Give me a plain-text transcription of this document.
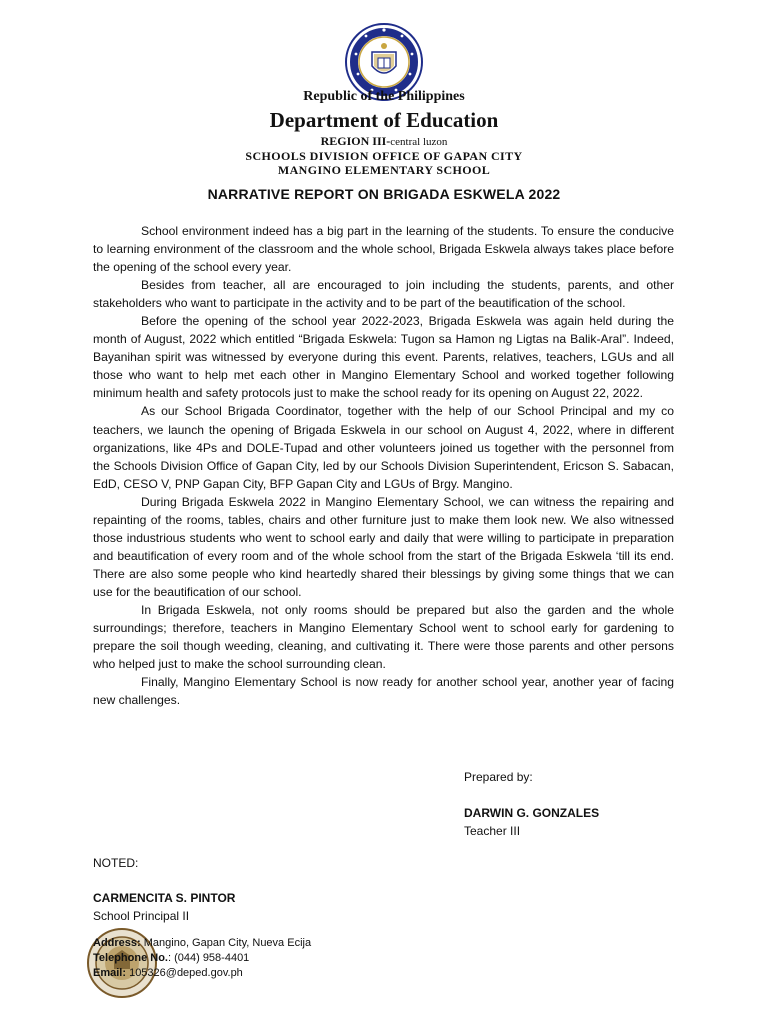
Republic of the Philippines
Department of Education
REGION III-central luzon
SCHOOLS DIVISION OFFICE OF GAPAN CITY
MANGINO ELEMENTARY SCHOOL
NARRATIVE REPORT ON BRIGADA ESKWELA 2022

School environment indeed has a big part in the learning of the students. To ensure the conducive to learning environment of the classroom and the whole school, Brigada Eskwela always takes place before the opening of the school every year.

Besides from teacher, all are encouraged to join including the students, parents, and other stakeholders who want to participate in the activity and to be part of the beautification of the school.

Before the opening of the school year 2022-2023, Brigada Eskwela was again held during the month of August, 2022 which entitled “Brigada Eskwela: Tugon sa Hamon ng Ligtas na Balik-Aral”. Indeed, Bayanihan spirit was witnessed by everyone during this event. Parents, relatives, teachers, LGUs and all those who want to help met each other in Mangino Elementary School and worked together following minimum health and safety protocols just to make the school ready for its opening on August 22, 2022.

As our School Brigada Coordinator, together with the help of our School Principal and my co teachers, we launch the opening of Brigada Eskwela in our school on August 4, 2022, where in different organizations, like 4Ps and DOLE-Tupad and other volunteers joined us together with the personnel from the Schools Division Office of Gapan City, led by our Schools Division Superintendent, Ericson S. Sabacan, EdD, CESO V, PNP Gapan City, BFP Gapan City and LGUs of Brgy. Mangino.

During Brigada Eskwela 2022 in Mangino Elementary School, we can witness the repairing and repainting of the rooms, tables, chairs and other furniture just to make them look new. We also witnessed those industrious students who went to school early and daily that were willing to participate in preparation and beautification of every room and of the whole school from the start of the Brigada Eskwela ‘till its end. There are also some people who kind heartedly shared their blessings by giving some things that we can use for the beautification of our school.

In Brigada Eskwela, not only rooms should be prepared but also the garden and the whole surroundings; therefore, teachers in Mangino Elementary School went to school early for gardening to prepare the soil though weeding, cleaning, and cultivating it. There were those parents and other persons who helped just to make the school surrounding clean.

Finally, Mangino Elementary School is now ready for another school year, another year of facing new challenges.

Prepared by:
DARWIN G. GONZALES
Teacher III
NOTED:
CARMENCITA S. PINTOR
School Principal II
Address: Mangino, Gapan City, Nueva Ecija
Telephone No.: (044) 958-4401
Email: 105326@deped.gov.ph
